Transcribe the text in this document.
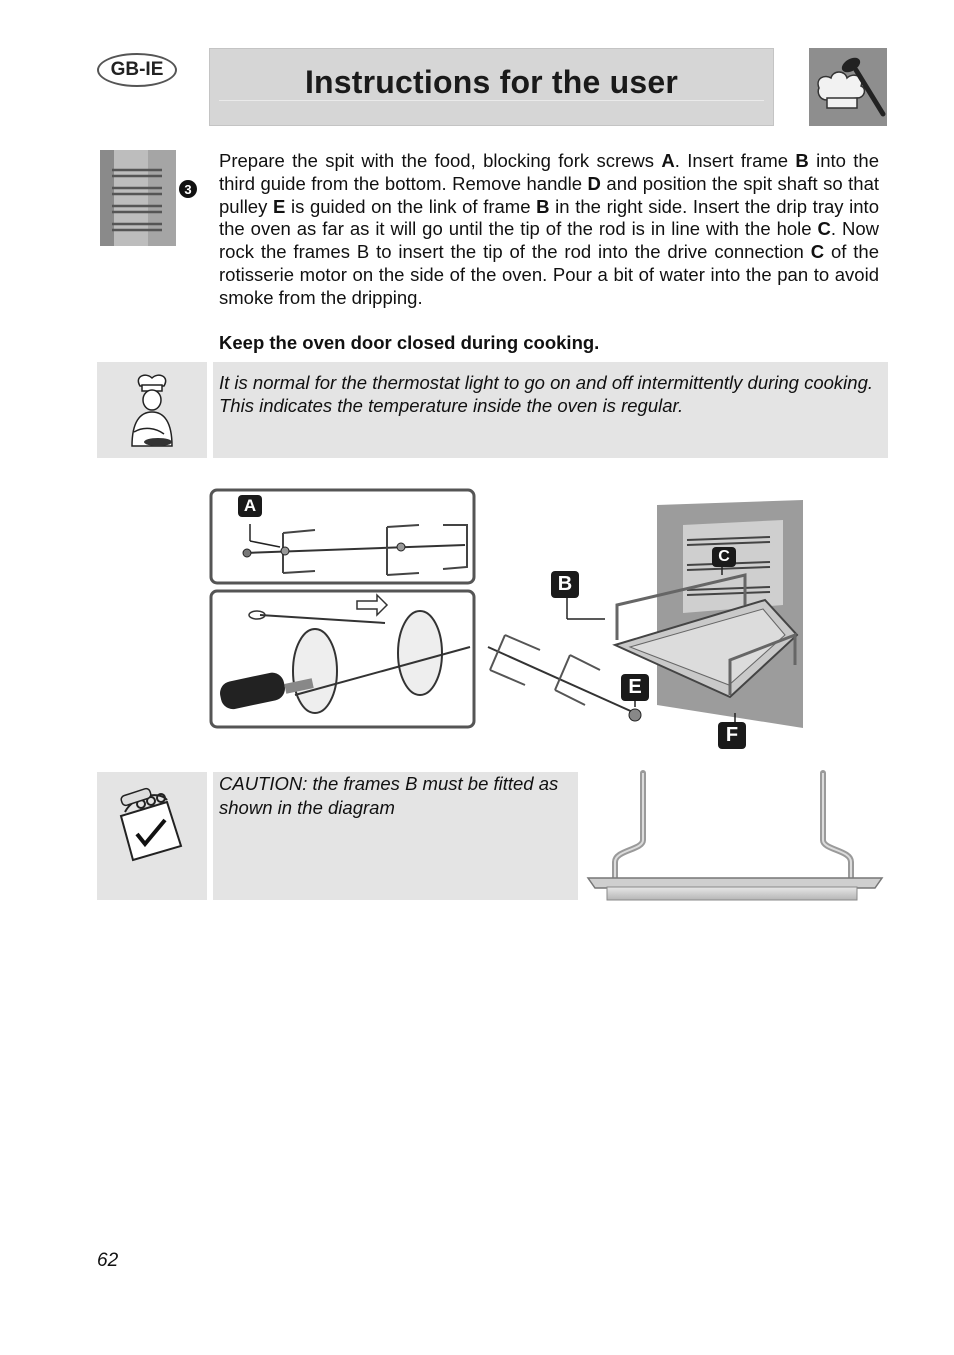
GB-IE	Instructions for the user
3
Prepare the spit with the food, blocking fork screws A. Insert frame B into the third guide from the bottom. Remove handle D and position the spit shaft so that pulley E is guided on the link of frame B in the right side. Insert the drip tray into the oven as far as it will go until the tip of the rod is in line with the hole C. Now rock the frames B to insert the tip of the rod into the drive connection C of the rotisserie motor on the side of the oven. Pour a bit of water into the pan to avoid smoke from the dripping.
Keep the oven door closed during cooking.
It is normal for the thermostat light to go on and off intermittently during cooking. This indicates the temperature inside the oven is regular.
A
B
C
E
F
CAUTION: the frames B must be fitted as shown in the diagram
62
